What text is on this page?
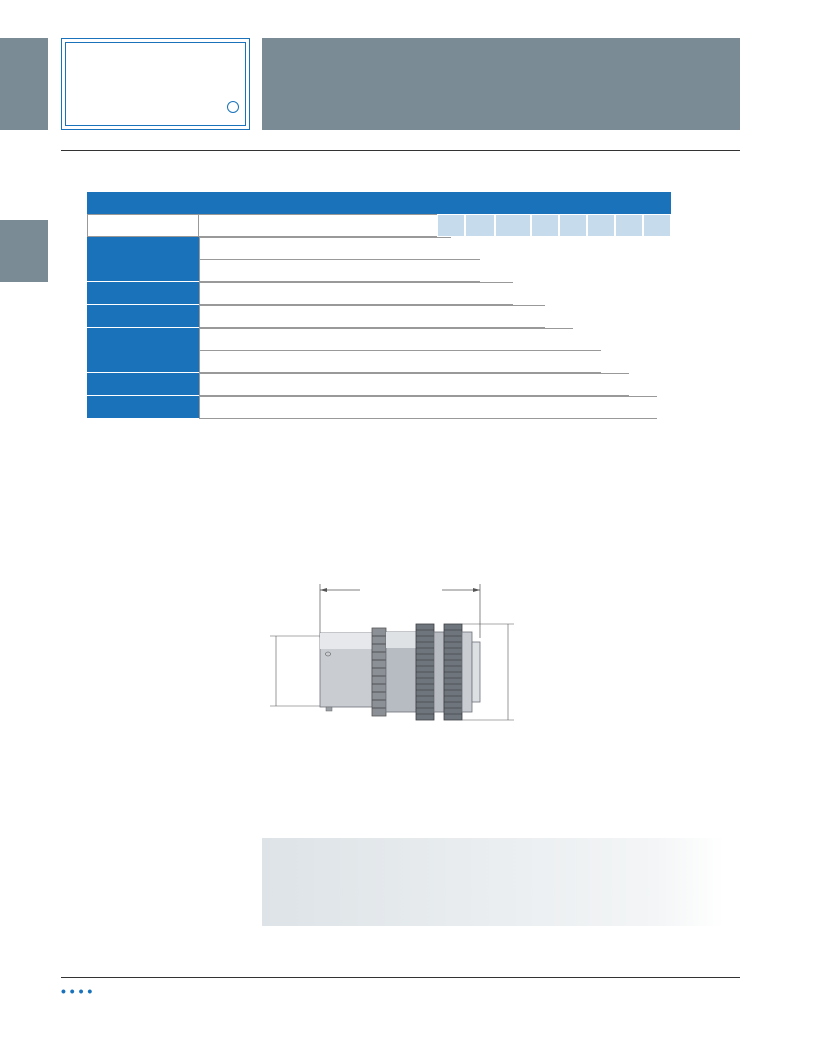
• • • •
